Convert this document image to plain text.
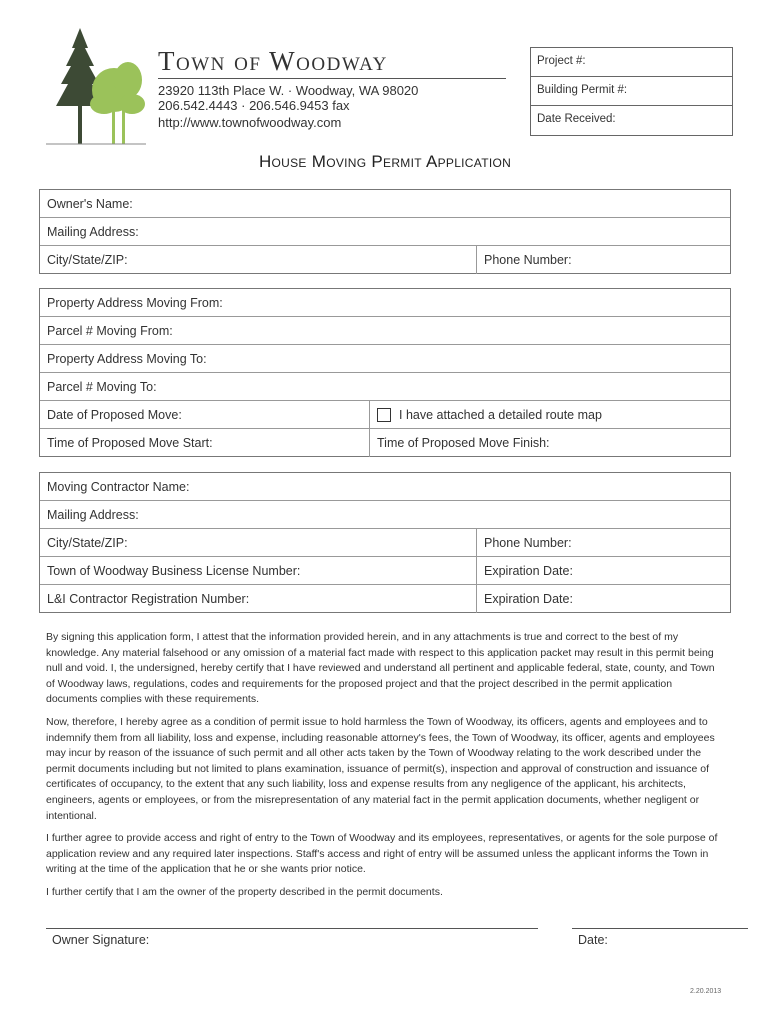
Town of Woodway
23920 113th Place W. · Woodway, WA 98020
206.542.4443 · 206.546.9453 fax
http://www.townofwoodway.com
Project #:
Building Permit #:
Date Received:
House Moving Permit Application
Owner's Name:
Mailing Address:
City/State/ZIP:	Phone Number:
Property Address Moving From:
Parcel # Moving From:
Property Address Moving To:
Parcel # Moving To:
Date of Proposed Move:	I have attached a detailed route map
Time of Proposed Move Start:	Time of Proposed Move Finish:
Moving Contractor Name:
Mailing Address:
City/State/ZIP:	Phone Number:
Town of Woodway Business License Number:	Expiration Date:
L&I Contractor Registration Number:	Expiration Date:
By signing this application form, I attest that the information provided herein, and in any attachments is true and correct to the best of my knowledge. Any material falsehood or any omission of a material fact made with respect to this application packet may result in this permit being null and void. I, the undersigned, hereby certify that I have reviewed and understand all pertinent and applicable federal, state, county, and Town of Woodway laws, regulations, codes and requirements for the proposed project and that the project described in the permit application documents complies with these requirements.
Now, therefore, I hereby agree as a condition of permit issue to hold harmless the Town of Woodway, its officers, agents and employees and to indemnify them from all liability, loss and expense, including reasonable attorney's fees, the Town of Woodway, its officer, agents and employees may incur by reason of the issuance of such permit and all other acts taken by the Town of Woodway relating to the work described under the permit documents including but not limited to plans examination, issuance of permit(s), inspection and approval of construction and issuance of certificates of occupancy, to the extent that any such liability, loss and expense results from any negligence of the applicant, his architects, engineers, agents or employees, or from the misrepresentation of any material fact in the permit application documents, whether negligent or intentional.
I further agree to provide access and right of entry to the Town of Woodway and its employees, representatives, or agents for the sole purpose of application review and any required later inspections. Staff's access and right of entry will be assumed unless the applicant informs the Town in writing at the time of the application that he or she wants prior notice.
I further certify that I am the owner of the property described in the permit documents.
Owner Signature:	Date:
2.20.2013
